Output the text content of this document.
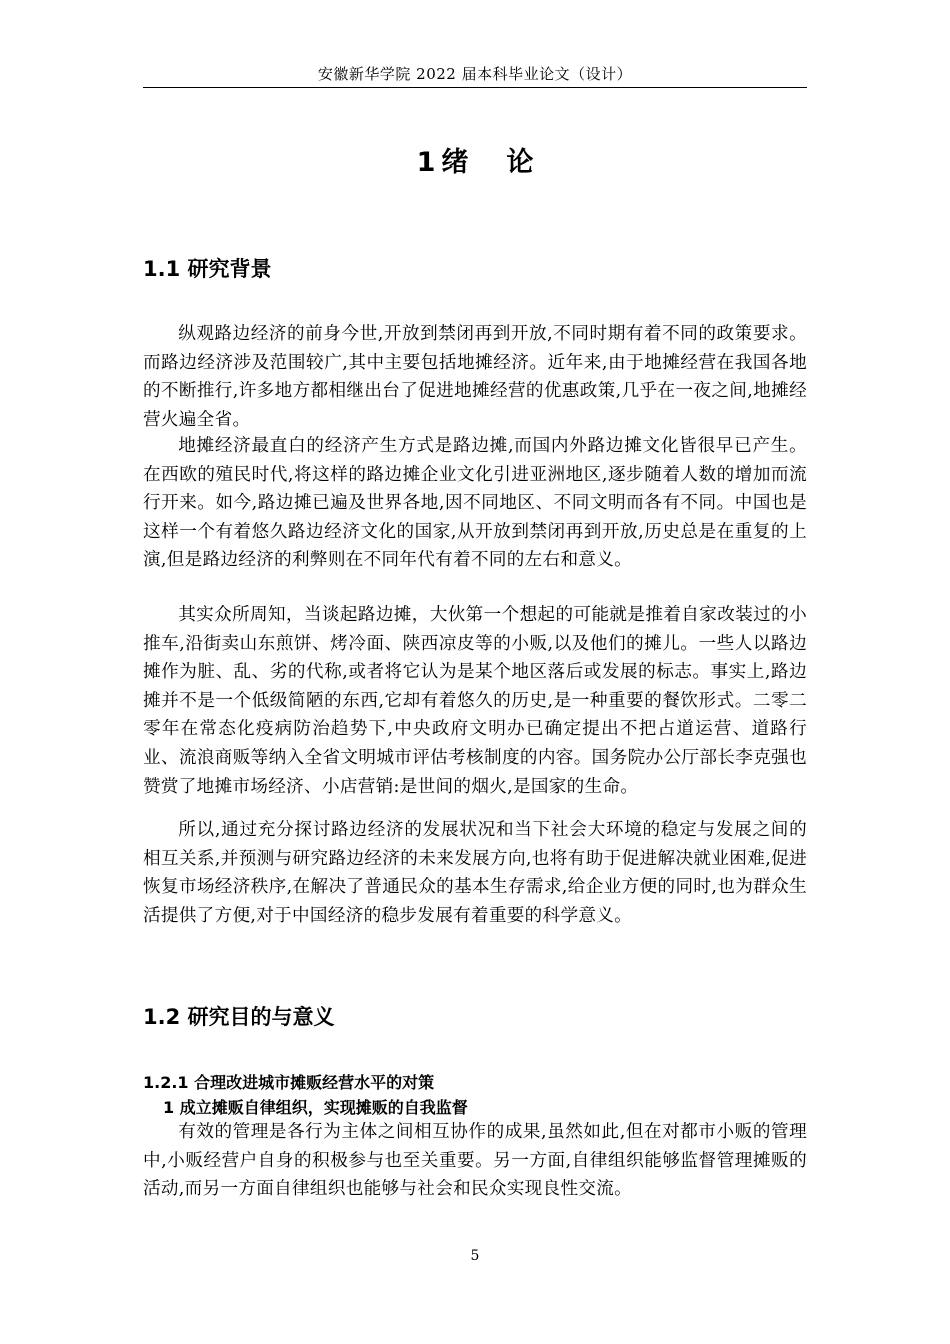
安徽新华学院 2022 届本科毕业论文（设计）
1 绪 论
1.1 研究背景

纵观路边经济的前身今世,开放到禁闭再到开放,不同时期有着不同的政策要求。而路边经济涉及范围较广,其中主要包括地摊经济。近年来,由于地摊经营在我国各地的不断推行,许多地方都相继出台了促进地摊经营的优惠政策,几乎在一夜之间,地摊经营火遍全省。

地摊经济最直白的经济产生方式是路边摊,而国内外路边摊文化皆很早已产生。在西欧的殖民时代,将这样的路边摊企业文化引进亚洲地区,逐步随着人数的增加而流行开来。如今,路边摊已遍及世界各地,因不同地区、不同文明而各有不同。中国也是这样一个有着悠久路边经济文化的国家,从开放到禁闭再到开放,历史总是在重复的上演,但是路边经济的利弊则在不同年代有着不同的左右和意义。

其实众所周知，当谈起路边摊，大伙第一个想起的可能就是推着自家改装过的小推车,沿街卖山东煎饼、烤冷面、陕西凉皮等的小贩,以及他们的摊儿。一些人以路边摊作为脏、乱、劣的代称,或者将它认为是某个地区落后或发展的标志。事实上,路边摊并不是一个低级简陋的东西,它却有着悠久的历史,是一种重要的餐饮形式。二零二零年在常态化疫病防治趋势下,中央政府文明办已确定提出不把占道运营、道路行业、流浪商贩等纳入全省文明城市评估考核制度的内容。国务院办公厅部长李克强也赞赏了地摊市场经济、小店营销:是世间的烟火,是国家的生命。

所以,通过充分探讨路边经济的发展状况和当下社会大环境的稳定与发展之间的相互关系,并预测与研究路边经济的未来发展方向,也将有助于促进解决就业困难,促进恢复市场经济秩序,在解决了普通民众的基本生存需求,给企业方便的同时,也为群众生活提供了方便,对于中国经济的稳步发展有着重要的科学意义。

1.2 研究目的与意义
1.2.1 合理改进城市摊贩经营水平的对策
1 成立摊贩自律组织，实现摊贩的自我监督

有效的管理是各行为主体之间相互协作的成果,虽然如此,但在对都市小贩的管理中,小贩经营户自身的积极参与也至关重要。另一方面,自律组织能够监督管理摊贩的活动,而另一方面自律组织也能够与社会和民众实现良性交流。

5
